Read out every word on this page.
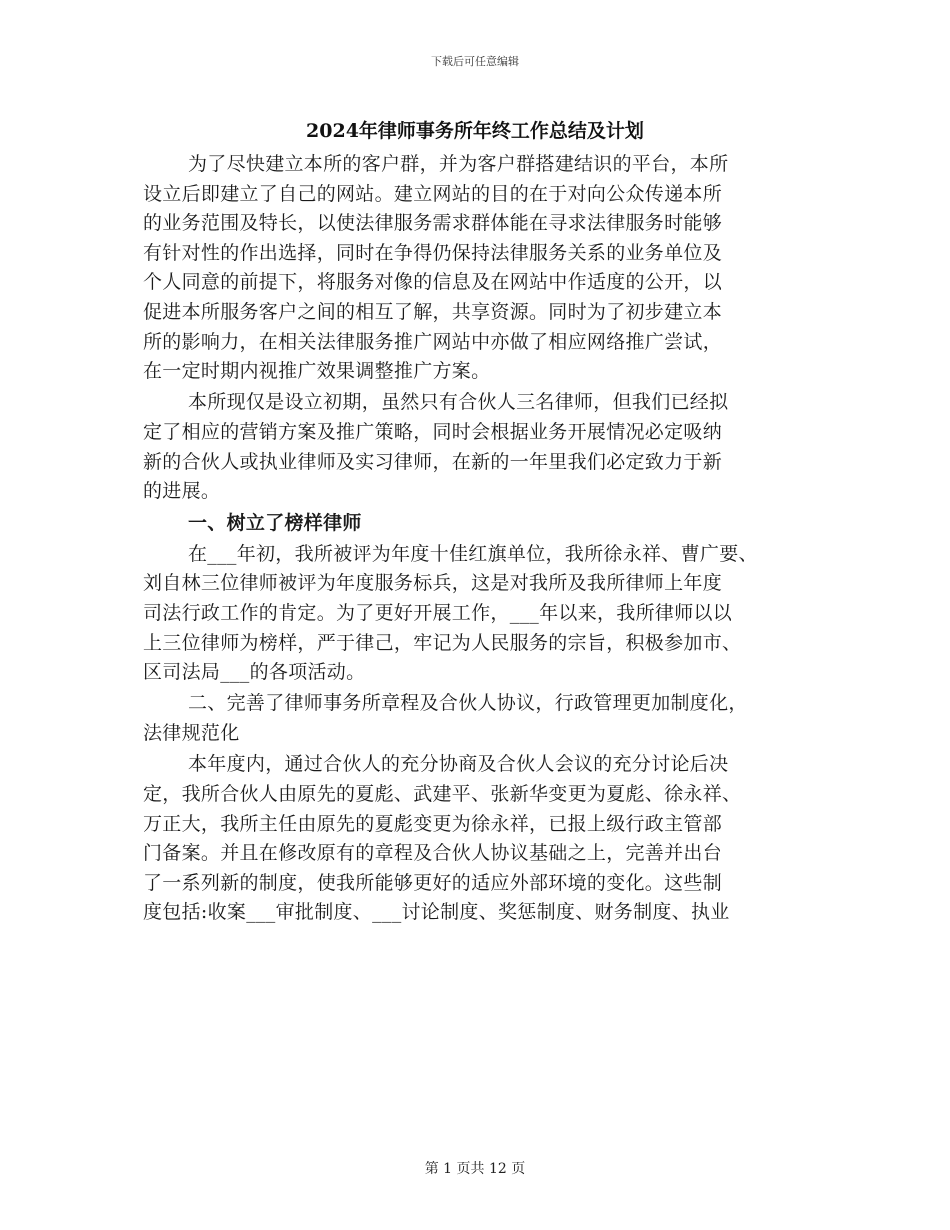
下载后可任意编辑
2024年律师事务所年终工作总结及计划
为了尽快建立本所的客户群，并为客户群搭建结识的平台，本所
设立后即建立了自己的网站。建立网站的目的在于对向公众传递本所
的业务范围及特长，以使法律服务需求群体能在寻求法律服务时能够
有针对性的作出选择，同时在争得仍保持法律服务关系的业务单位及
个人同意的前提下，将服务对像的信息及在网站中作适度的公开，以
促进本所服务客户之间的相互了解，共享资源。同时为了初步建立本
所的影响力，在相关法律服务推广网站中亦做了相应网络推广尝试，
在一定时期内视推广效果调整推广方案。
本所现仅是设立初期，虽然只有合伙人三名律师，但我们已经拟
定了相应的营销方案及推广策略，同时会根据业务开展情况必定吸纳
新的合伙人或执业律师及实习律师，在新的一年里我们必定致力于新
的进展。
一、树立了榜样律师
在___年初，我所被评为年度十佳红旗单位，我所徐永祥、曹广要、
刘自林三位律师被评为年度服务标兵，这是对我所及我所律师上年度
司法行政工作的肯定。为了更好开展工作，___年以来，我所律师以以
上三位律师为榜样，严于律己，牢记为人民服务的宗旨，积极参加市、
区司法局___的各项活动。
二、完善了律师事务所章程及合伙人协议，行政管理更加制度化，
法律规范化
本年度内，通过合伙人的充分协商及合伙人会议的充分讨论后决
定，我所合伙人由原先的夏彪、武建平、张新华变更为夏彪、徐永祥、
万正大，我所主任由原先的夏彪变更为徐永祥，已报上级行政主管部
门备案。并且在修改原有的章程及合伙人协议基础之上，完善并出台
了一系列新的制度，使我所能够更好的适应外部环境的变化。这些制
度包括:收案___审批制度、___讨论制度、奖惩制度、财务制度、执业
第 1 页共 12 页
